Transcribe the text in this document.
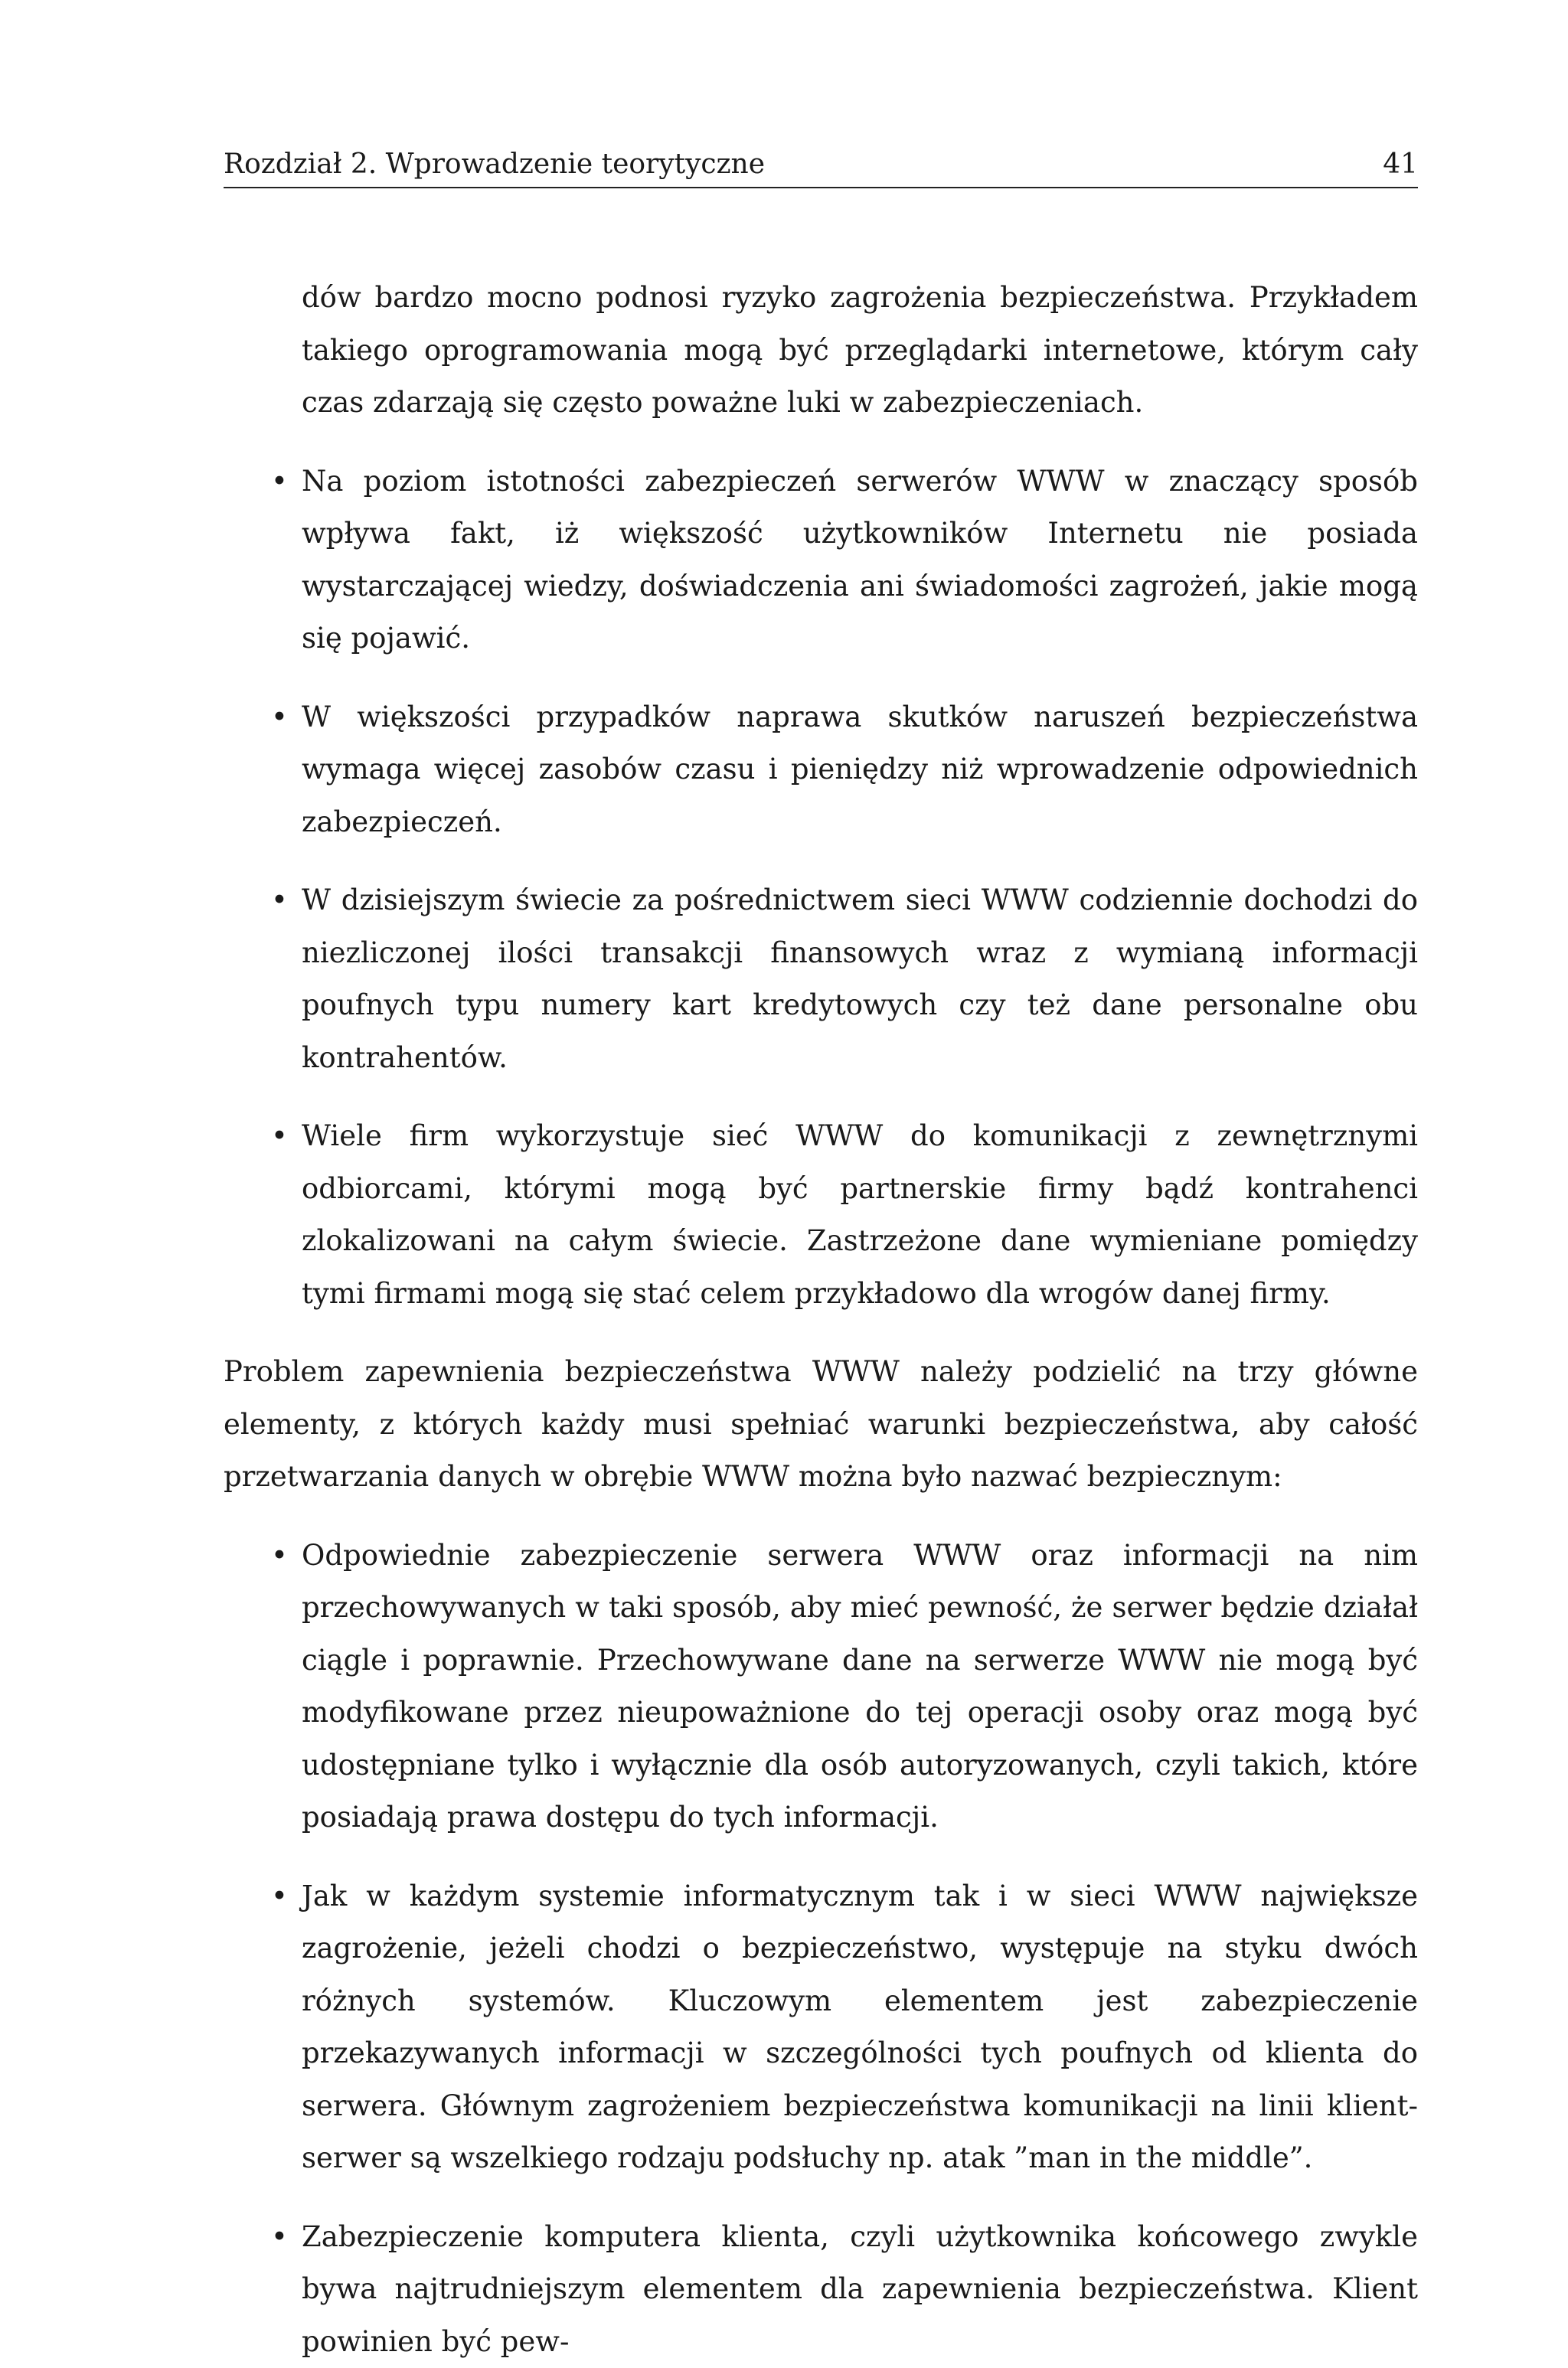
Rozdział 2. Wprowadzenie teorytyczne	41

dów bardzo mocno podnosi ryzyko zagrożenia bezpieczeństwa. Przykładem takiego oprogramowania mogą być przeglądarki internetowe, którym cały czas zdarzają się często poważne luki w zabezpieczeniach.

• Na poziom istotności zabezpieczeń serwerów WWW w znaczący sposób wpływa fakt, iż większość użytkowników Internetu nie posiada wystarczającej wiedzy, doświadczenia ani świadomości zagrożeń, jakie mogą się pojawić.
• W większości przypadków naprawa skutków naruszeń bezpieczeństwa wymaga więcej zasobów czasu i pieniędzy niż wprowadzenie odpowiednich zabezpieczeń.
• W dzisiejszym świecie za pośrednictwem sieci WWW codziennie dochodzi do niezliczonej ilości transakcji finansowych wraz z wymianą informacji poufnych typu numery kart kredytowych czy też dane personalne obu kontrahentów.
• Wiele firm wykorzystuje sieć WWW do komunikacji z zewnętrznymi odbiorcami, którymi mogą być partnerskie firmy bądź kontrahenci zlokalizowani na całym świecie. Zastrzeżone dane wymieniane pomiędzy tymi firmami mogą się stać celem przykładowo dla wrogów danej firmy.

Problem zapewnienia bezpieczeństwa WWW należy podzielić na trzy główne elementy, z których każdy musi spełniać warunki bezpieczeństwa, aby całość przetwarzania danych w obrębie WWW można było nazwać bezpiecznym:

• Odpowiednie zabezpieczenie serwera WWW oraz informacji na nim przechowywanych w taki sposób, aby mieć pewność, że serwer będzie działał ciągle i poprawnie. Przechowywane dane na serwerze WWW nie mogą być modyfikowane przez nieupoważnione do tej operacji osoby oraz mogą być udostępniane tylko i wyłącznie dla osób autoryzowanych, czyli takich, które posiadają prawa dostępu do tych informacji.
• Jak w każdym systemie informatycznym tak i w sieci WWW największe zagrożenie, jeżeli chodzi o bezpieczeństwo, występuje na styku dwóch różnych systemów. Kluczowym elementem jest zabezpieczenie przekazywanych informacji w szczególności tych poufnych od klienta do serwera. Głównym zagrożeniem bezpieczeństwa komunikacji na linii klient-serwer są wszelkiego rodzaju podsłuchy np. atak ”man in the middle”.
• Zabezpieczenie komputera klienta, czyli użytkownika końcowego zwykle bywa najtrudniejszym elementem dla zapewnienia bezpieczeństwa. Klient powinien być pew-
